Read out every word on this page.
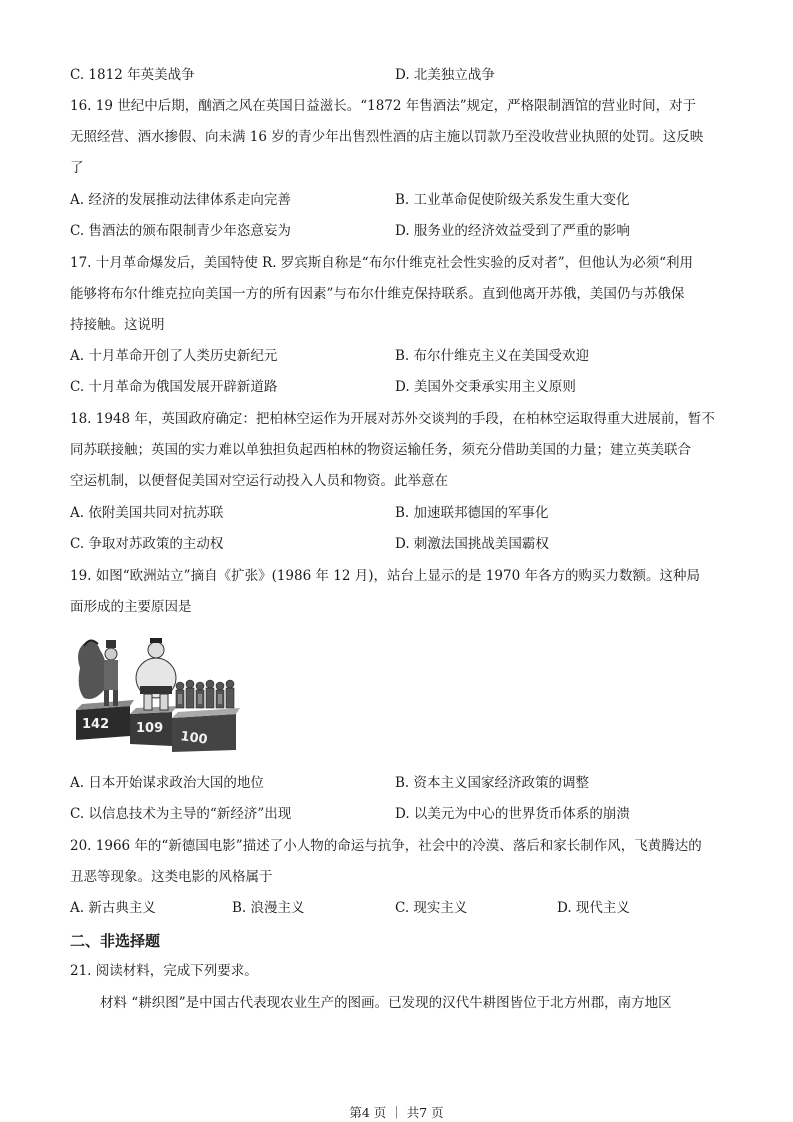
C. 1812 年英美战争	D. 北美独立战争
16. 19 世纪中后期，酗酒之风在英国日益滋长。“1872 年售酒法”规定，严格限制酒馆的营业时间，对于
无照经营、酒水掺假、向未满 16 岁的青少年出售烈性酒的店主施以罚款乃至没收营业执照的处罚。这反映
了
A. 经济的发展推动法律体系走向完善	B. 工业革命促使阶级关系发生重大变化
C. 售酒法的颁布限制青少年恣意妄为	D. 服务业的经济效益受到了严重的影响
17. 十月革命爆发后，美国特使 R. 罗宾斯自称是“布尔什维克社会性实验的反对者”，但他认为必须“利用
能够将布尔什维克拉向美国一方的所有因素”与布尔什维克保持联系。直到他离开苏俄，美国仍与苏俄保
持接触。这说明
A. 十月革命开创了人类历史新纪元	B. 布尔什维克主义在美国受欢迎
C. 十月革命为俄国发展开辟新道路	D. 美国外交秉承实用主义原则
18. 1948 年，英国政府确定：把柏林空运作为开展对苏外交谈判的手段，在柏林空运取得重大进展前，暂不
同苏联接触；英国的实力难以单独担负起西柏林的物资运输任务，须充分借助美国的力量；建立英美联合
空运机制，以便督促美国对空运行动投入人员和物资。此举意在
A. 依附美国共同对抗苏联	B. 加速联邦德国的军事化
C. 争取对苏政策的主动权	D. 刺激法国挑战美国霸权
19. 如图“欧洲站立”摘自《扩张》(1986 年 12 月)，站台上显示的是 1970 年各方的购买力数额。这种局
面形成的主要原因是
142 109
100
A. 日本开始谋求政治大国的地位	B. 资本主义国家经济政策的调整
C. 以信息技术为主导的“新经济”出现	D. 以美元为中心的世界货币体系的崩溃
20. 1966 年的“新德国电影”描述了小人物的命运与抗争，社会中的冷漠、落后和家长制作风，飞黄腾达的
丑恶等现象。这类电影的风格属于
A. 新古典主义	B. 浪漫主义	C. 现实主义	D. 现代主义
二、非选择题
21. 阅读材料，完成下列要求。
材料 “耕织图”是中国古代表现农业生产的图画。已发现的汉代牛耕图皆位于北方州郡，南方地区
第4 页 ｜ 共7 页
